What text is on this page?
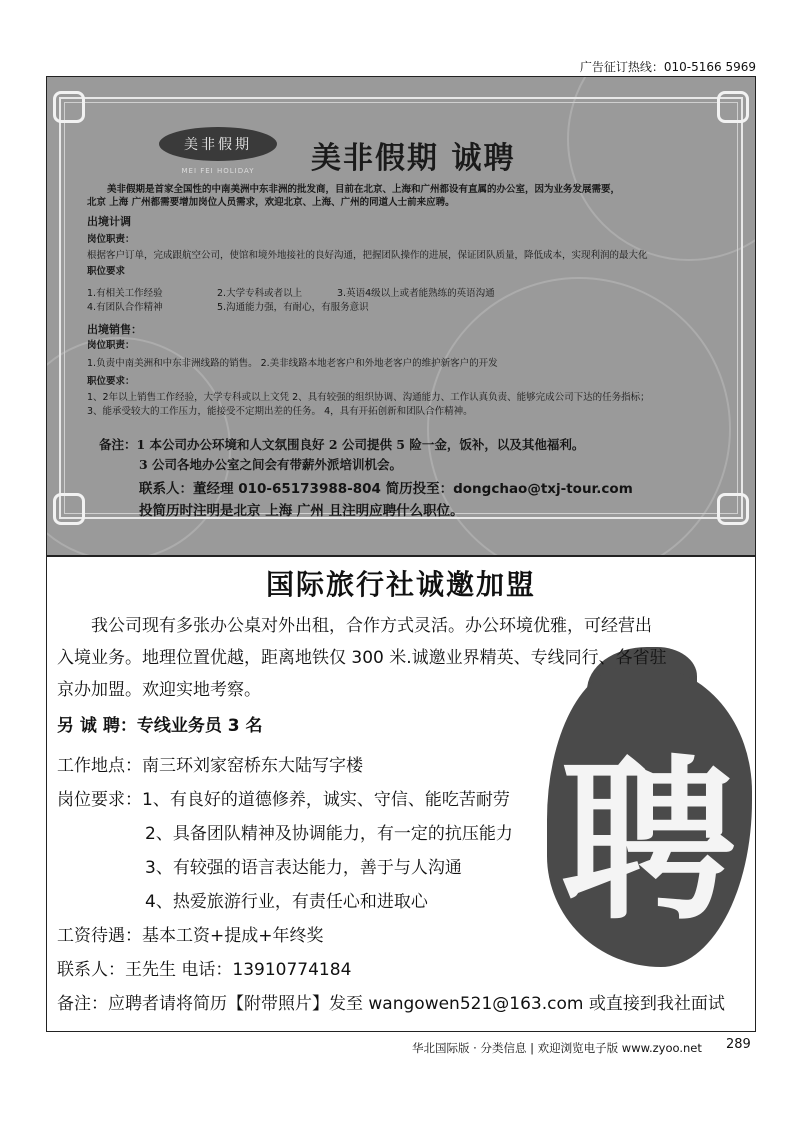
广告征订热线：010-5166 5969
美非假期
MEI FEI HOLIDAY	美非假期 诚聘
美非假期是首家全国性的中南美洲中东非洲的批发商，目前在北京、上海和广州都设有直属的办公室，因为业务发展需要，
北京 上海 广州都需要增加岗位人员需求，欢迎北京、上海、广州的同道人士前来应聘。
出境计调
岗位职责：
根据客户订单，完成跟航空公司，使馆和境外地接社的良好沟通，把握团队操作的进展，保证团队质量，降低成本，实现利润的最大化
职位要求
1.有相关工作经验	2.大学专科或者以上	3.英语4级以上或者能熟练的英语沟通
4.有团队合作精神	5.沟通能力强，有耐心，有服务意识
出境销售：
岗位职责：
1.负责中南美洲和中东非洲线路的销售。 2.美非线路本地老客户和外地老客户的维护新客户的开发
职位要求：
1、2年以上销售工作经验，大学专科或以上文凭 2、具有较强的组织协调、沟通能力、工作认真负责、能够完成公司下达的任务指标；
3、能承受较大的工作压力，能接受不定期出差的任务。 4，具有开拓创新和团队合作精神。
备注：1 本公司办公环境和人文氛围良好 2 公司提供 5 险一金，饭补，以及其他福利。
3 公司各地办公室之间会有带薪外派培训机会。
联系人：董经理 010-65173988-804 简历投至：dongchao@txj-tour.com
投简历时注明是北京 上海 广州 且注明应聘什么职位。
国际旅行社诚邀加盟
聘
我公司现有多张办公桌对外出租，合作方式灵活。办公环境优雅，可经营出
入境业务。地理位置优越，距离地铁仅 300 米.诚邀业界精英、专线同行、各省驻
京办加盟。欢迎实地考察。
另 诚 聘：专线业务员 3 名
工作地点：南三环刘家窑桥东大陆写字楼
岗位要求：1、有良好的道德修养，诚实、守信、能吃苦耐劳
2、具备团队精神及协调能力，有一定的抗压能力
3、有较强的语言表达能力，善于与人沟通
4、热爱旅游行业，有责任心和进取心
工资待遇：基本工资+提成+年终奖
联系人：王先生 电话：13910774184
备注：应聘者请将简历【附带照片】发至 wangowen521@163.com 或直接到我社面试
华北国际版 · 分类信息 | 欢迎浏览电子版 www.zyoo.net 289
